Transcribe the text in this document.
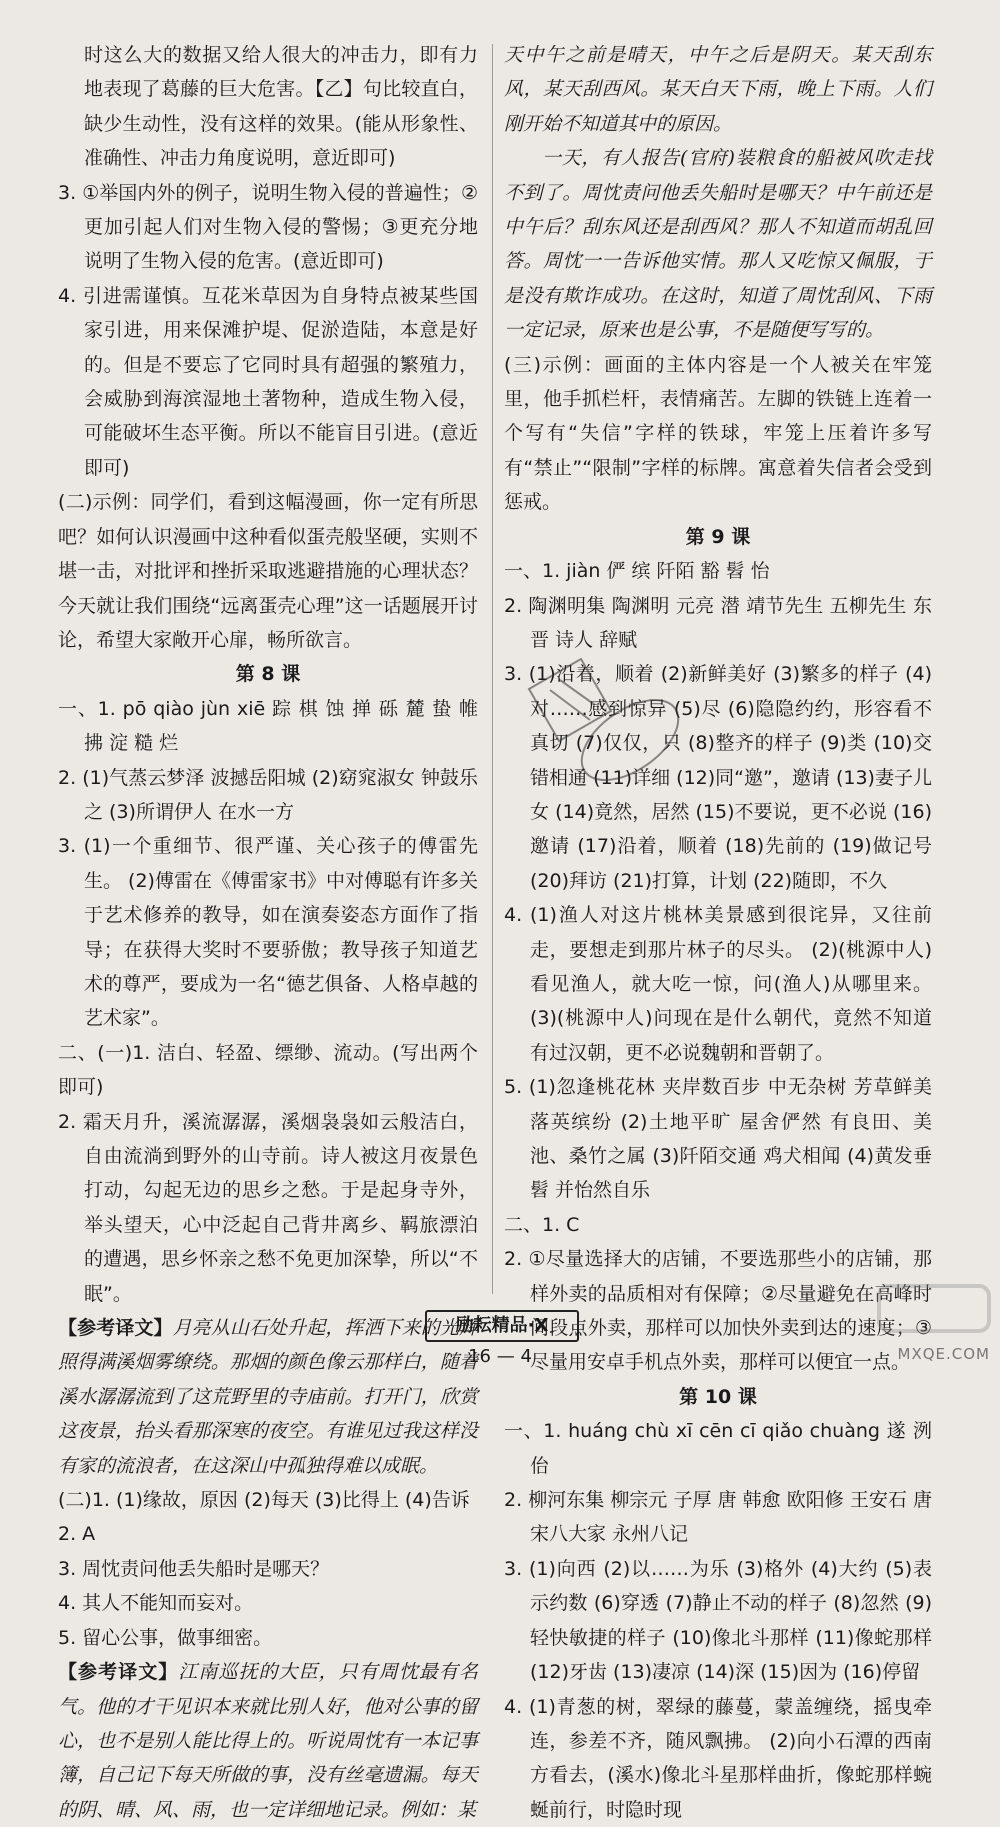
时这么大的数据又给人很大的冲击力，即有力地表现了葛藤的巨大危害。【乙】句比较直白，缺少生动性，没有这样的效果。(能从形象性、准确性、冲击力角度说明，意近即可)

3. ①举国内外的例子，说明生物入侵的普遍性；②更加引起人们对生物入侵的警惕；③更充分地说明了生物入侵的危害。(意近即可)

4. 引进需谨慎。互花米草因为自身特点被某些国家引进，用来保滩护堤、促淤造陆，本意是好的。但是不要忘了它同时具有超强的繁殖力，会威胁到海滨湿地土著物种，造成生物入侵，可能破坏生态平衡。所以不能盲目引进。(意近即可)

(二)示例：同学们，看到这幅漫画，你一定有所思吧？如何认识漫画中这种看似蛋壳般坚硬，实则不堪一击，对批评和挫折采取逃避措施的心理状态？今天就让我们围绕“远离蛋壳心理”这一话题展开讨论，希望大家敞开心扉，畅所欲言。

第 8 课

一、1. pō qiào jùn xiē 踪 棋 蚀 掸 砾 麓 蛰 帷 拂 淀 糙 烂

2. (1)气蒸云梦泽 波撼岳阳城 (2)窈窕淑女 钟鼓乐之 (3)所谓伊人 在水一方

3. (1)一个重细节、很严谨、关心孩子的傅雷先生。 (2)傅雷在《傅雷家书》中对傅聪有许多关于艺术修养的教导，如在演奏姿态方面作了指导；在获得大奖时不要骄傲；教导孩子知道艺术的尊严，要成为一名“德艺俱备、人格卓越的艺术家”。

二、(一)1. 洁白、轻盈、缥缈、流动。(写出两个即可)

2. 霜天月升，溪流潺潺，溪烟袅袅如云般洁白，自由流淌到野外的山寺前。诗人被这月夜景色打动，勾起无边的思乡之愁。于是起身寺外，举头望天，心中泛起自己背井离乡、羁旅漂泊的遭遇，思乡怀亲之愁不免更加深挚，所以“不眠”。

【参考译文】月亮从山石处升起，挥洒下来的光辉照得满溪烟雾缭绕。那烟的颜色像云那样白，随着溪水潺潺流到了这荒野里的寺庙前。打开门，欣赏这夜景，抬头看那深寒的夜空。有谁见过我这样没有家的流浪者，在这深山中孤独得难以成眠。

(二)1. (1)缘故，原因 (2)每天 (3)比得上 (4)告诉

2. A

3. 周忱责问他丢失船时是哪天？

4. 其人不能知而妄对。

5. 留心公事，做事细密。

【参考译文】江南巡抚的大臣，只有周忱最有名气。他的才干见识本来就比别人好，他对公事的留心，也不是别人能比得上的。听说周忱有一本记事簿，自己记下每天所做的事，没有丝毫遗漏。每天的阴、晴、风、雨，也一定详细地记录。例如：某

天中午之前是晴天，中午之后是阴天。某天刮东风，某天刮西风。某天白天下雨，晚上下雨。人们刚开始不知道其中的原因。

一天，有人报告(官府)装粮食的船被风吹走找不到了。周忱责问他丢失船时是哪天？中午前还是中午后？刮东风还是刮西风？那人不知道而胡乱回答。周忱一一告诉他实情。那人又吃惊又佩服，于是没有欺诈成功。在这时，知道了周忱刮风、下雨一定记录，原来也是公事，不是随便写写的。

(三)示例：画面的主体内容是一个人被关在牢笼里，他手抓栏杆，表情痛苦。左脚的铁链上连着一个写有“失信”字样的铁球，牢笼上压着许多写有“禁止”“限制”字样的标牌。寓意着失信者会受到惩戒。

第 9 课

一、1. jiàn 俨 缤 阡陌 豁 髫 怡

2. 陶渊明集 陶渊明 元亮 潜 靖节先生 五柳先生 东晋 诗人 辞赋

3. (1)沿着，顺着 (2)新鲜美好 (3)繁多的样子 (4)对……感到惊异 (5)尽 (6)隐隐约约，形容看不真切 (7)仅仅，只 (8)整齐的样子 (9)类 (10)交错相通 (11)详细 (12)同“邀”，邀请 (13)妻子儿女 (14)竟然，居然 (15)不要说，更不必说 (16)邀请 (17)沿着，顺着 (18)先前的 (19)做记号 (20)拜访 (21)打算，计划 (22)随即，不久

4. (1)渔人对这片桃林美景感到很诧异，又往前走，要想走到那片林子的尽头。 (2)(桃源中人)看见渔人，就大吃一惊，问(渔人)从哪里来。 (3)(桃源中人)问现在是什么朝代，竟然不知道有过汉朝，更不必说魏朝和晋朝了。

5. (1)忽逢桃花林 夹岸数百步 中无杂树 芳草鲜美 落英缤纷 (2)土地平旷 屋舍俨然 有良田、美池、桑竹之属 (3)阡陌交通 鸡犬相闻 (4)黄发垂髫 并怡然自乐

二、1. C

2. ①尽量选择大的店铺，不要选那些小的店铺，那样外卖的品质相对有保障；②尽量避免在高峰时间段点外卖，那样可以加快外卖到达的速度；③尽量用安卓手机点外卖，那样可以便宜一点。

第 10 课

一、1. huáng chù xī cēn cī qiǎo chuàng 遂 洌 佁

2. 柳河东集 柳宗元 子厚 唐 韩愈 欧阳修 王安石 唐宋八大家 永州八记

3. (1)向西 (2)以……为乐 (3)格外 (4)大约 (5)表示约数 (6)穿透 (7)静止不动的样子 (8)忽然 (9)轻快敏捷的样子 (10)像北斗那样 (11)像蛇那样 (12)牙齿 (13)凄凉 (14)深 (15)因为 (16)停留

4. (1)青葱的树，翠绿的藤蔓，蒙盖缠绕，摇曳牵连，参差不齐，随风飘拂。 (2)向小石潭的西南方看去，(溪水)像北斗星那样曲折，像蛇那样蜿蜒前行，时隐时现

励耘精品·X
16 — 4	MXQE.COM
